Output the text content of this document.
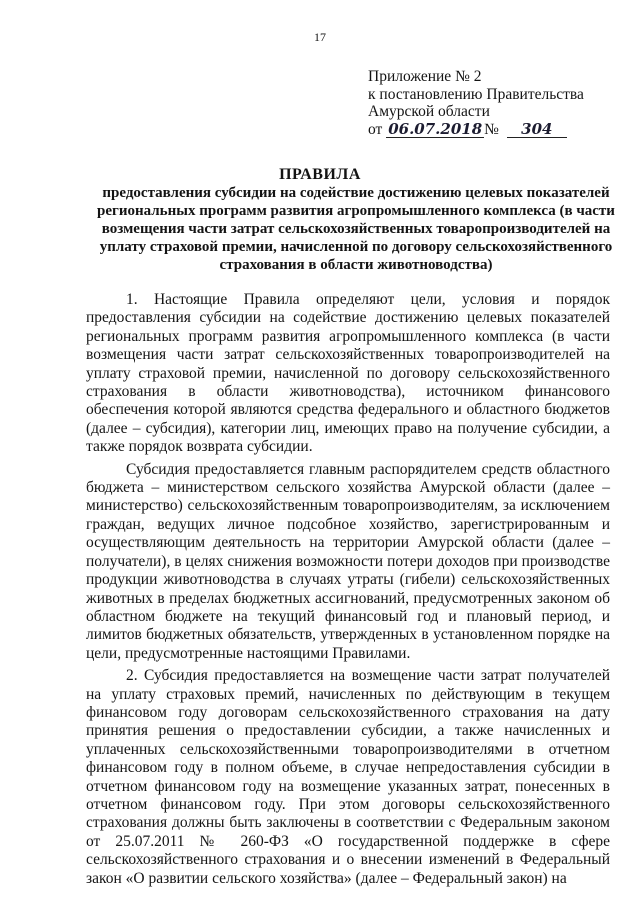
17
Приложение № 2
к постановлению Правительства
Амурской области
от 06.07.2018 № 304
ПРАВИЛА
предоставления субсидии на содействие достижению целевых показателей региональных программ развития агропромышленного комплекса (в части возмещения части затрат сельскохозяйственных товаропроизводителей на уплату страховой премии, начисленной по договору сельскохозяйственного страхования в области животноводства)

1. Настоящие Правила определяют цели, условия и порядок предоставления субсидии на содействие достижению целевых показателей региональных программ развития агропромышленного комплекса (в части возмещения части затрат сельскохозяйственных товаропроизводителей на уплату страховой премии, начисленной по договору сельскохозяйственного страхования в области животноводства), источником финансового обеспечения которой являются средства федерального и областного бюджетов (далее – субсидия), категории лиц, имеющих право на получение субсидии, а также порядок возврата субсидии.

Субсидия предоставляется главным распорядителем средств областного бюджета – министерством сельского хозяйства Амурской области (далее – министерство) сельскохозяйственным товаропроизводителям, за исключением граждан, ведущих личное подсобное хозяйство, зарегистрированным и осуществляющим деятельность на территории Амурской области (далее – получатели), в целях снижения возможности потери доходов при производстве продукции животноводства в случаях утраты (гибели) сельскохозяйственных животных в пределах бюджетных ассигнований, предусмотренных законом об областном бюджете на текущий финансовый год и плановый период, и лимитов бюджетных обязательств, утвержденных в установленном порядке на цели, предусмотренные настоящими Правилами.

2. Субсидия предоставляется на возмещение части затрат получателей на уплату страховых премий, начисленных по действующим в текущем финансовом году договорам сельскохозяйственного страхования на дату принятия решения о предоставлении субсидии, а также начисленных и уплаченных сельскохозяйственными товаропроизводителями в отчетном финансовом году в полном объеме, в случае непредоставления субсидии в отчетном финансовом году на возмещение указанных затрат, понесенных в отчетном финансовом году. При этом договоры сельскохозяйственного страхования должны быть заключены в соответствии с Федеральным законом от 25.07.2011 № 260-ФЗ «О государственной поддержке в сфере сельскохозяйственного страхования и о внесении изменений в Федеральный закон «О развитии сельского хозяйства» (далее – Федеральный закон) на
